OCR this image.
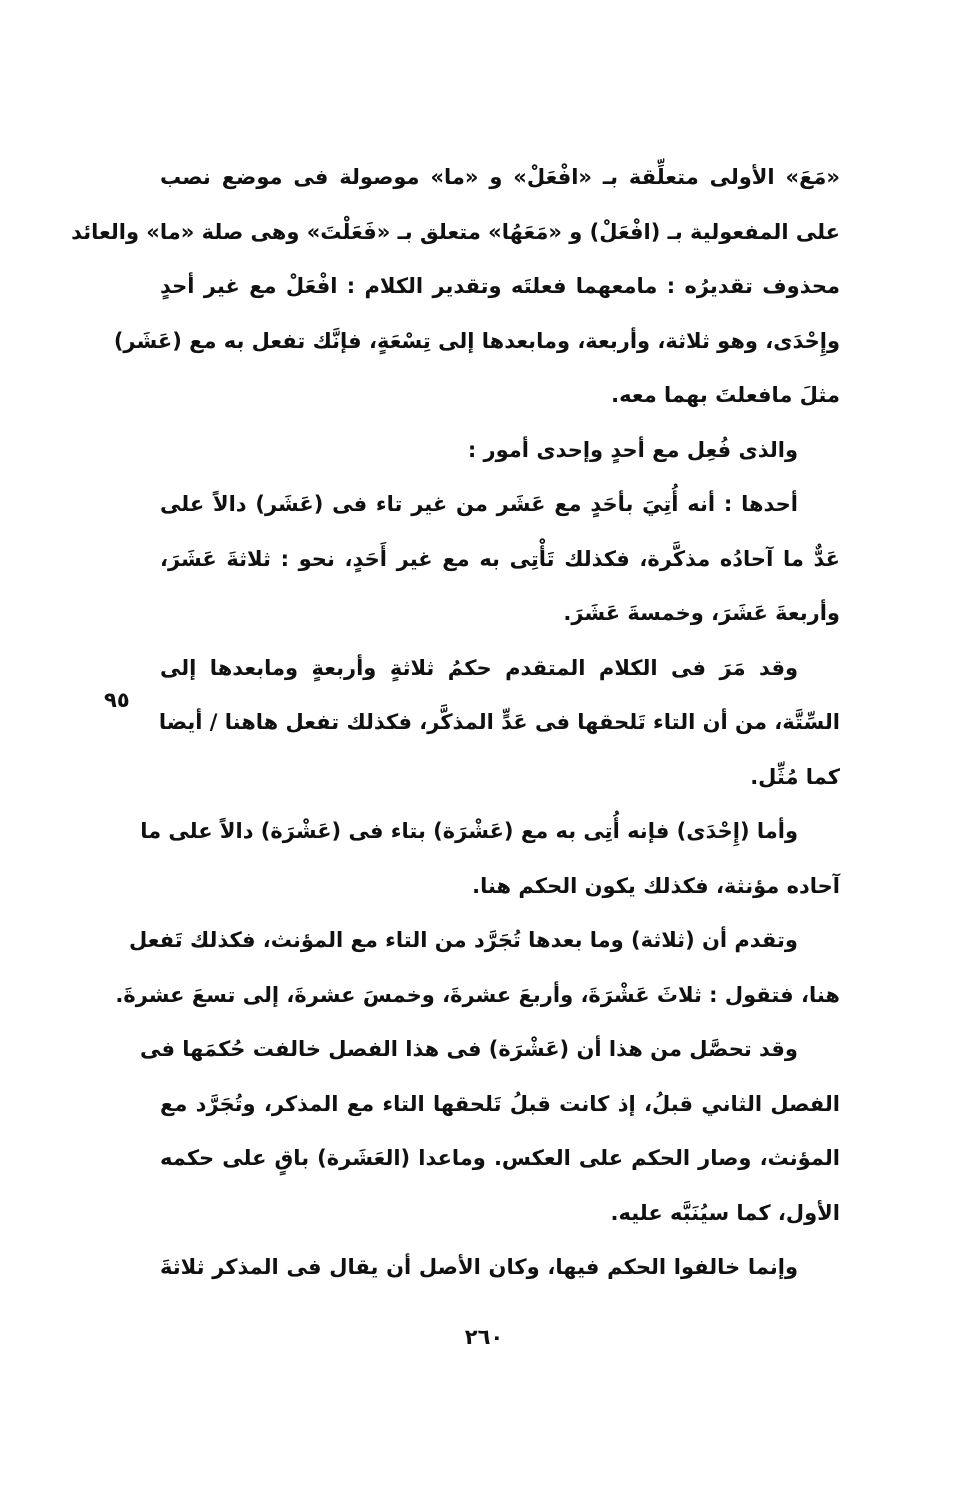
«مَعَ» الأولى متعلِّقة بـ «افْعَلْ» و «ما» موصولة فى موضع نصب
على المفعولية بـ (افْعَلْ) و «مَعَهُا» متعلق بـ «فَعَلْتَ» وهى صلة «ما» والعائد
محذوف تقديرُه : مامعهما فعلتَه وتقدير الكلام : افْعَلْ مع غير أحدٍ
وإِحْدَى، وهو ثلاثة، وأربعة، ومابعدها إلى تِسْعَةٍ، فإنَّك تفعل به مع (عَشَر)
مثلَ مافعلتَ بهما معه.
والذى فُعِل مع أحدٍ وإحدى أمور :
أحدها : أنه أُتِيَ بأحَدٍ مع عَشَر من غير تاء فى (عَشَر) دالاً على
عَدٌّ ما آحادُه مذكَّرة، فكذلك تَأْتِى به مع غير أَحَدٍ، نحو : ثلاثةَ عَشَرَ،
وأربعةَ عَشَرَ، وخمسةَ عَشَرَ.
وقد مَرَ فى الكلام المتقدم حكمُ ثلاثةٍ وأربعةٍ ومابعدها إلى
السِّتَّة، من أن التاء تَلحقها فى عَدٍّ المذكَّر، فكذلك تفعل هاهنا / أيضا
كما مُثِّل.
وأما (إِحْدَى) فإنه أُتِى به مع (عَشْرَة) بتاء فى (عَشْرَة) دالاً على ما
آحاده مؤنثة، فكذلك يكون الحكم هنا.
وتقدم أن (ثلاثة) وما بعدها تُجَرَّد من التاء مع المؤنث، فكذلك تَفعل
هنا، فتقول : ثلاثَ عَشْرَةَ، وأربعَ عشرةَ، وخمسَ عشرةَ، إلى تسعَ عشرةَ.
وقد تحصَّل من هذا أن (عَشْرَة) فى هذا الفصل خالفت حُكمَها فى
الفصل الثاني قبلُ، إذ كانت قبلُ تَلحقها التاء مع المذكر، وتُجَرَّد مع
المؤنث، وصار الحكم على العكس. وماعدا (العَشَرة) باقٍ على حكمه
الأول، كما سيُنَبَّه عليه.
وإنما خالفوا الحكم فيها، وكان الأصل أن يقال فى المذكر ثلاثةَ
٩٥
٢٦٠
